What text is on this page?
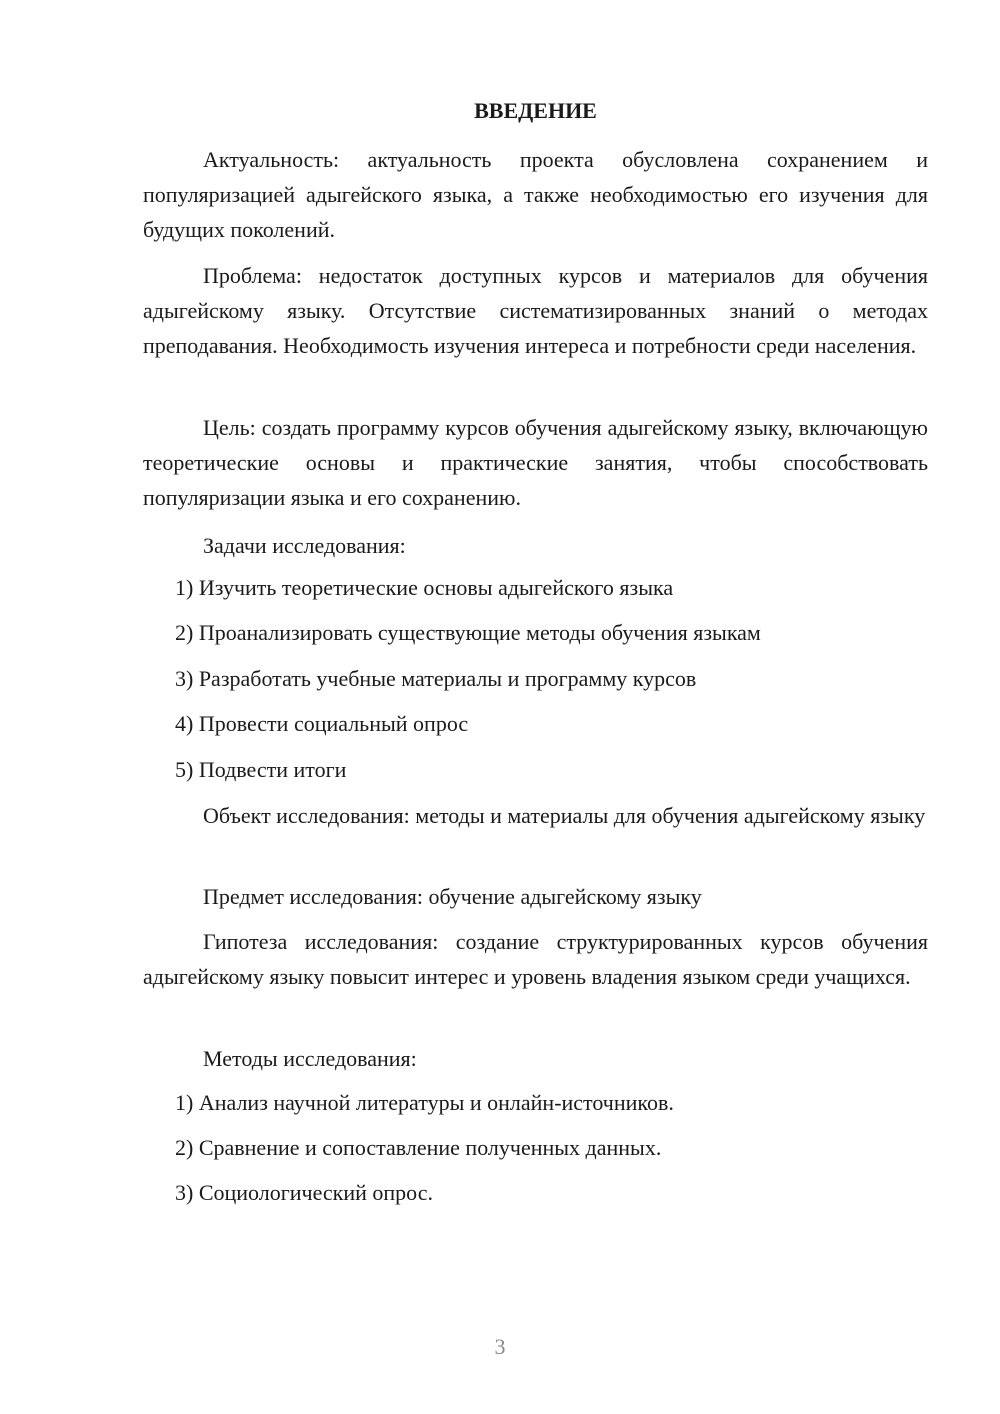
ВВЕДЕНИЕ

Актуальность: актуальность проекта обусловлена сохранением и популяризацией адыгейского языка, а также необходимостью его изучения для будущих поколений.

Проблема: недостаток доступных курсов и материалов для обучения адыгейскому языку. Отсутствие систематизированных знаний о методах преподавания. Необходимость изучения интереса и потребности среди населения.

Цель: создать программу курсов обучения адыгейскому языку, включающую теоретические основы и практические занятия, чтобы способствовать популяризации языка и его сохранению.

Задачи исследования:

1) Изучить теоретические основы адыгейского языка

2) Проанализировать существующие методы обучения языкам

3) Разработать учебные материалы и программу курсов

4) Провести социальный опрос

5) Подвести итоги

Объект исследования: методы и материалы для обучения адыгейскому языку

Предмет исследования: обучение адыгейскому языку

Гипотеза исследования: создание структурированных курсов обучения адыгейскому языку повысит интерес и уровень владения языком среди учащихся.

Методы исследования:

1) Анализ научной литературы и онлайн-источников.

2) Сравнение и сопоставление полученных данных.

3) Социологический опрос.

3
